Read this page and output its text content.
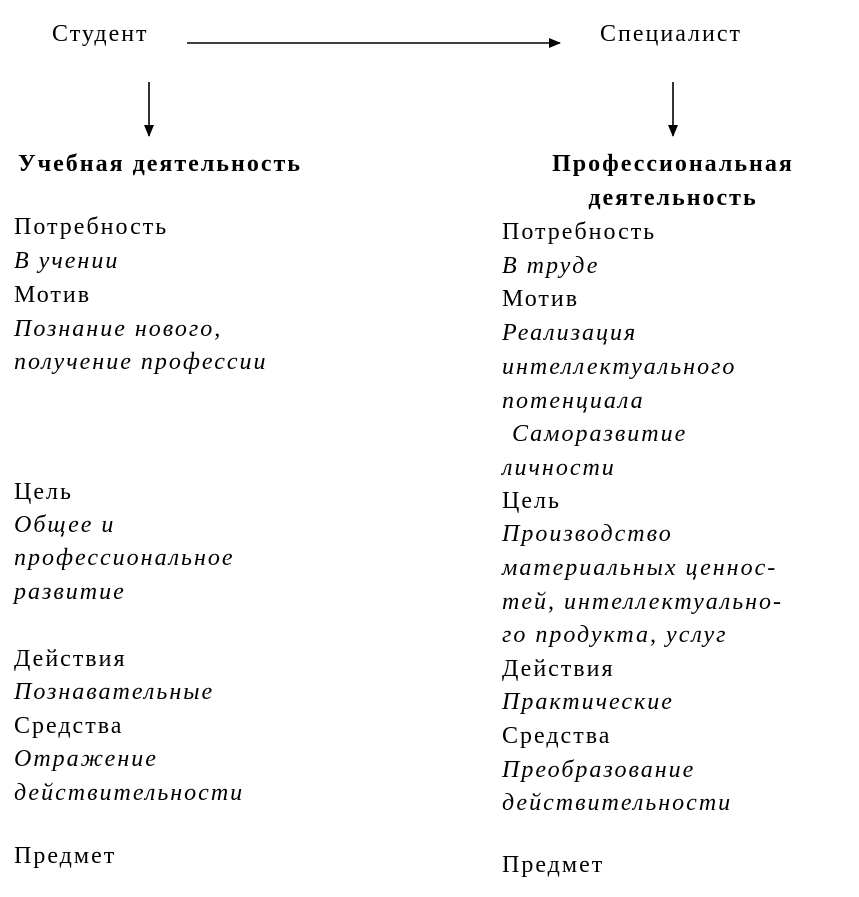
Студент	Специалист
Учебная деятельность
Потребность
В учении
Мотив
Познание нового,
получение профессии
Цель
Общее и
профессиональное
развитие
Действия
Познавательные
Средства
Отражение
действительности
Предмет
Профессиональная
деятельность
Потребность
В труде
Мотив
Реализация
интеллектуального
потенциала
Саморазвитие
личности
Цель
Производство
материальных ценнос-
тей, интеллектуально-
го продукта, услуг
Действия
Практические
Средства
Преобразование
действительности
Предмет
